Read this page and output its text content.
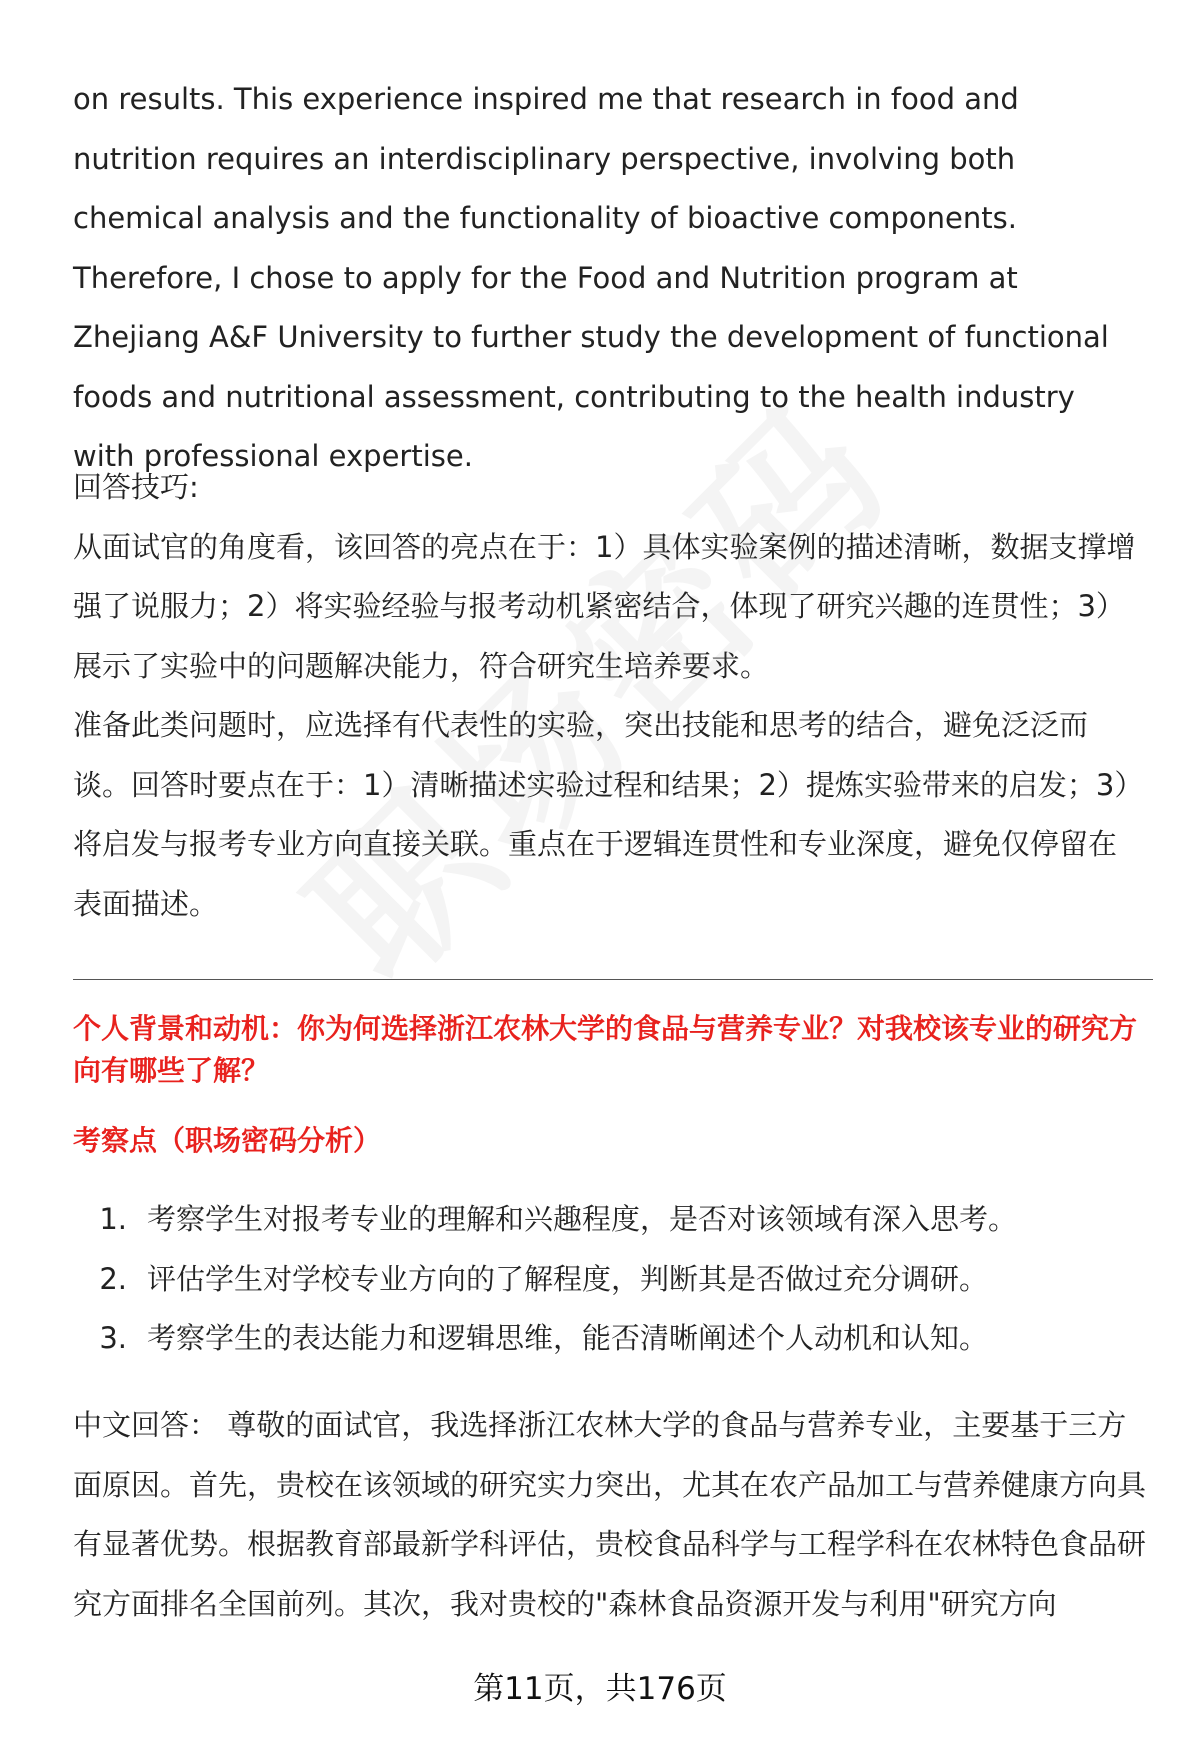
on results. This experience inspired me that research in food and nutrition requires an interdisciplinary perspective, involving both chemical analysis and the functionality of bioactive components. Therefore, I chose to apply for the Food and Nutrition program at Zhejiang A&F University to further study the development of functional foods and nutritional assessment, contributing to the health industry with professional expertise.

回答技巧:

从面试官的角度看，该回答的亮点在于：1）具体实验案例的描述清晰，数据支撑增强了说服力；2）将实验经验与报考动机紧密结合，体现了研究兴趣的连贯性；3）展示了实验中的问题解决能力，符合研究生培养要求。

准备此类问题时，应选择有代表性的实验，突出技能和思考的结合，避免泛泛而谈。回答时要点在于：1）清晰描述实验过程和结果；2）提炼实验带来的启发；3）将启发与报考专业方向直接关联。重点在于逻辑连贯性和专业深度，避免仅停留在表面描述。

个人背景和动机：你为何选择浙江农林大学的食品与营养专业？对我校该专业的研究方向有哪些了解？

考察点（职场密码分析）

1. 考察学生对报考专业的理解和兴趣程度，是否对该领域有深入思考。
2. 评估学生对学校专业方向的了解程度，判断其是否做过充分调研。
3. 考察学生的表达能力和逻辑思维，能否清晰阐述个人动机和认知。

中文回答： 尊敬的面试官，我选择浙江农林大学的食品与营养专业，主要基于三方面原因。首先，贵校在该领域的研究实力突出，尤其在农产品加工与营养健康方向具有显著优势。根据教育部最新学科评估，贵校食品科学与工程学科在农林特色食品研究方面排名全国前列。其次，我对贵校的"森林食品资源开发与利用"研究方向

第11页，共176页
